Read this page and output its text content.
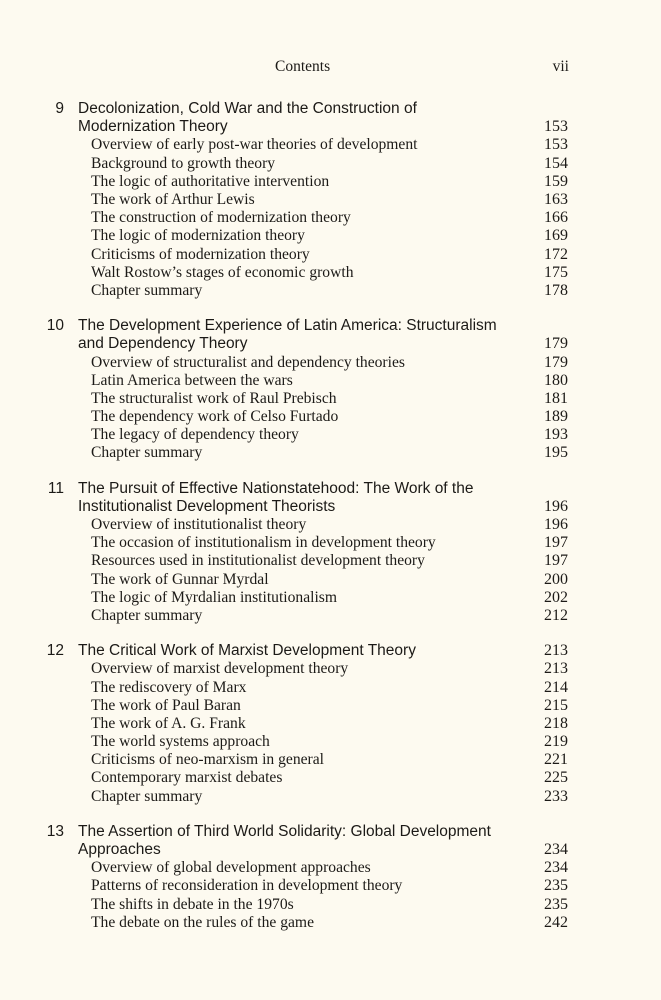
Contents	vii
9 Decolonization, Cold War and the Construction of Modernization Theory	153
Overview of early post-war theories of development	153
Background to growth theory	154
The logic of authoritative intervention	159
The work of Arthur Lewis	163
The construction of modernization theory	166
The logic of modernization theory	169
Criticisms of modernization theory	172
Walt Rostow’s stages of economic growth	175
Chapter summary	178
10 The Development Experience of Latin America: Structuralism and Dependency Theory	179
Overview of structuralist and dependency theories	179
Latin America between the wars	180
The structuralist work of Raul Prebisch	181
The dependency work of Celso Furtado	189
The legacy of dependency theory	193
Chapter summary	195
11 The Pursuit of Effective Nationstatehood: The Work of the Institutionalist Development Theorists	196
Overview of institutionalist theory	196
The occasion of institutionalism in development theory	197
Resources used in institutionalist development theory	197
The work of Gunnar Myrdal	200
The logic of Myrdalian institutionalism	202
Chapter summary	212
12 The Critical Work of Marxist Development Theory	213
Overview of marxist development theory	213
The rediscovery of Marx	214
The work of Paul Baran	215
The work of A. G. Frank	218
The world systems approach	219
Criticisms of neo-marxism in general	221
Contemporary marxist debates	225
Chapter summary	233
13 The Assertion of Third World Solidarity: Global Development Approaches	234
Overview of global development approaches	234
Patterns of reconsideration in development theory	235
The shifts in debate in the 1970s	235
The debate on the rules of the game	242
